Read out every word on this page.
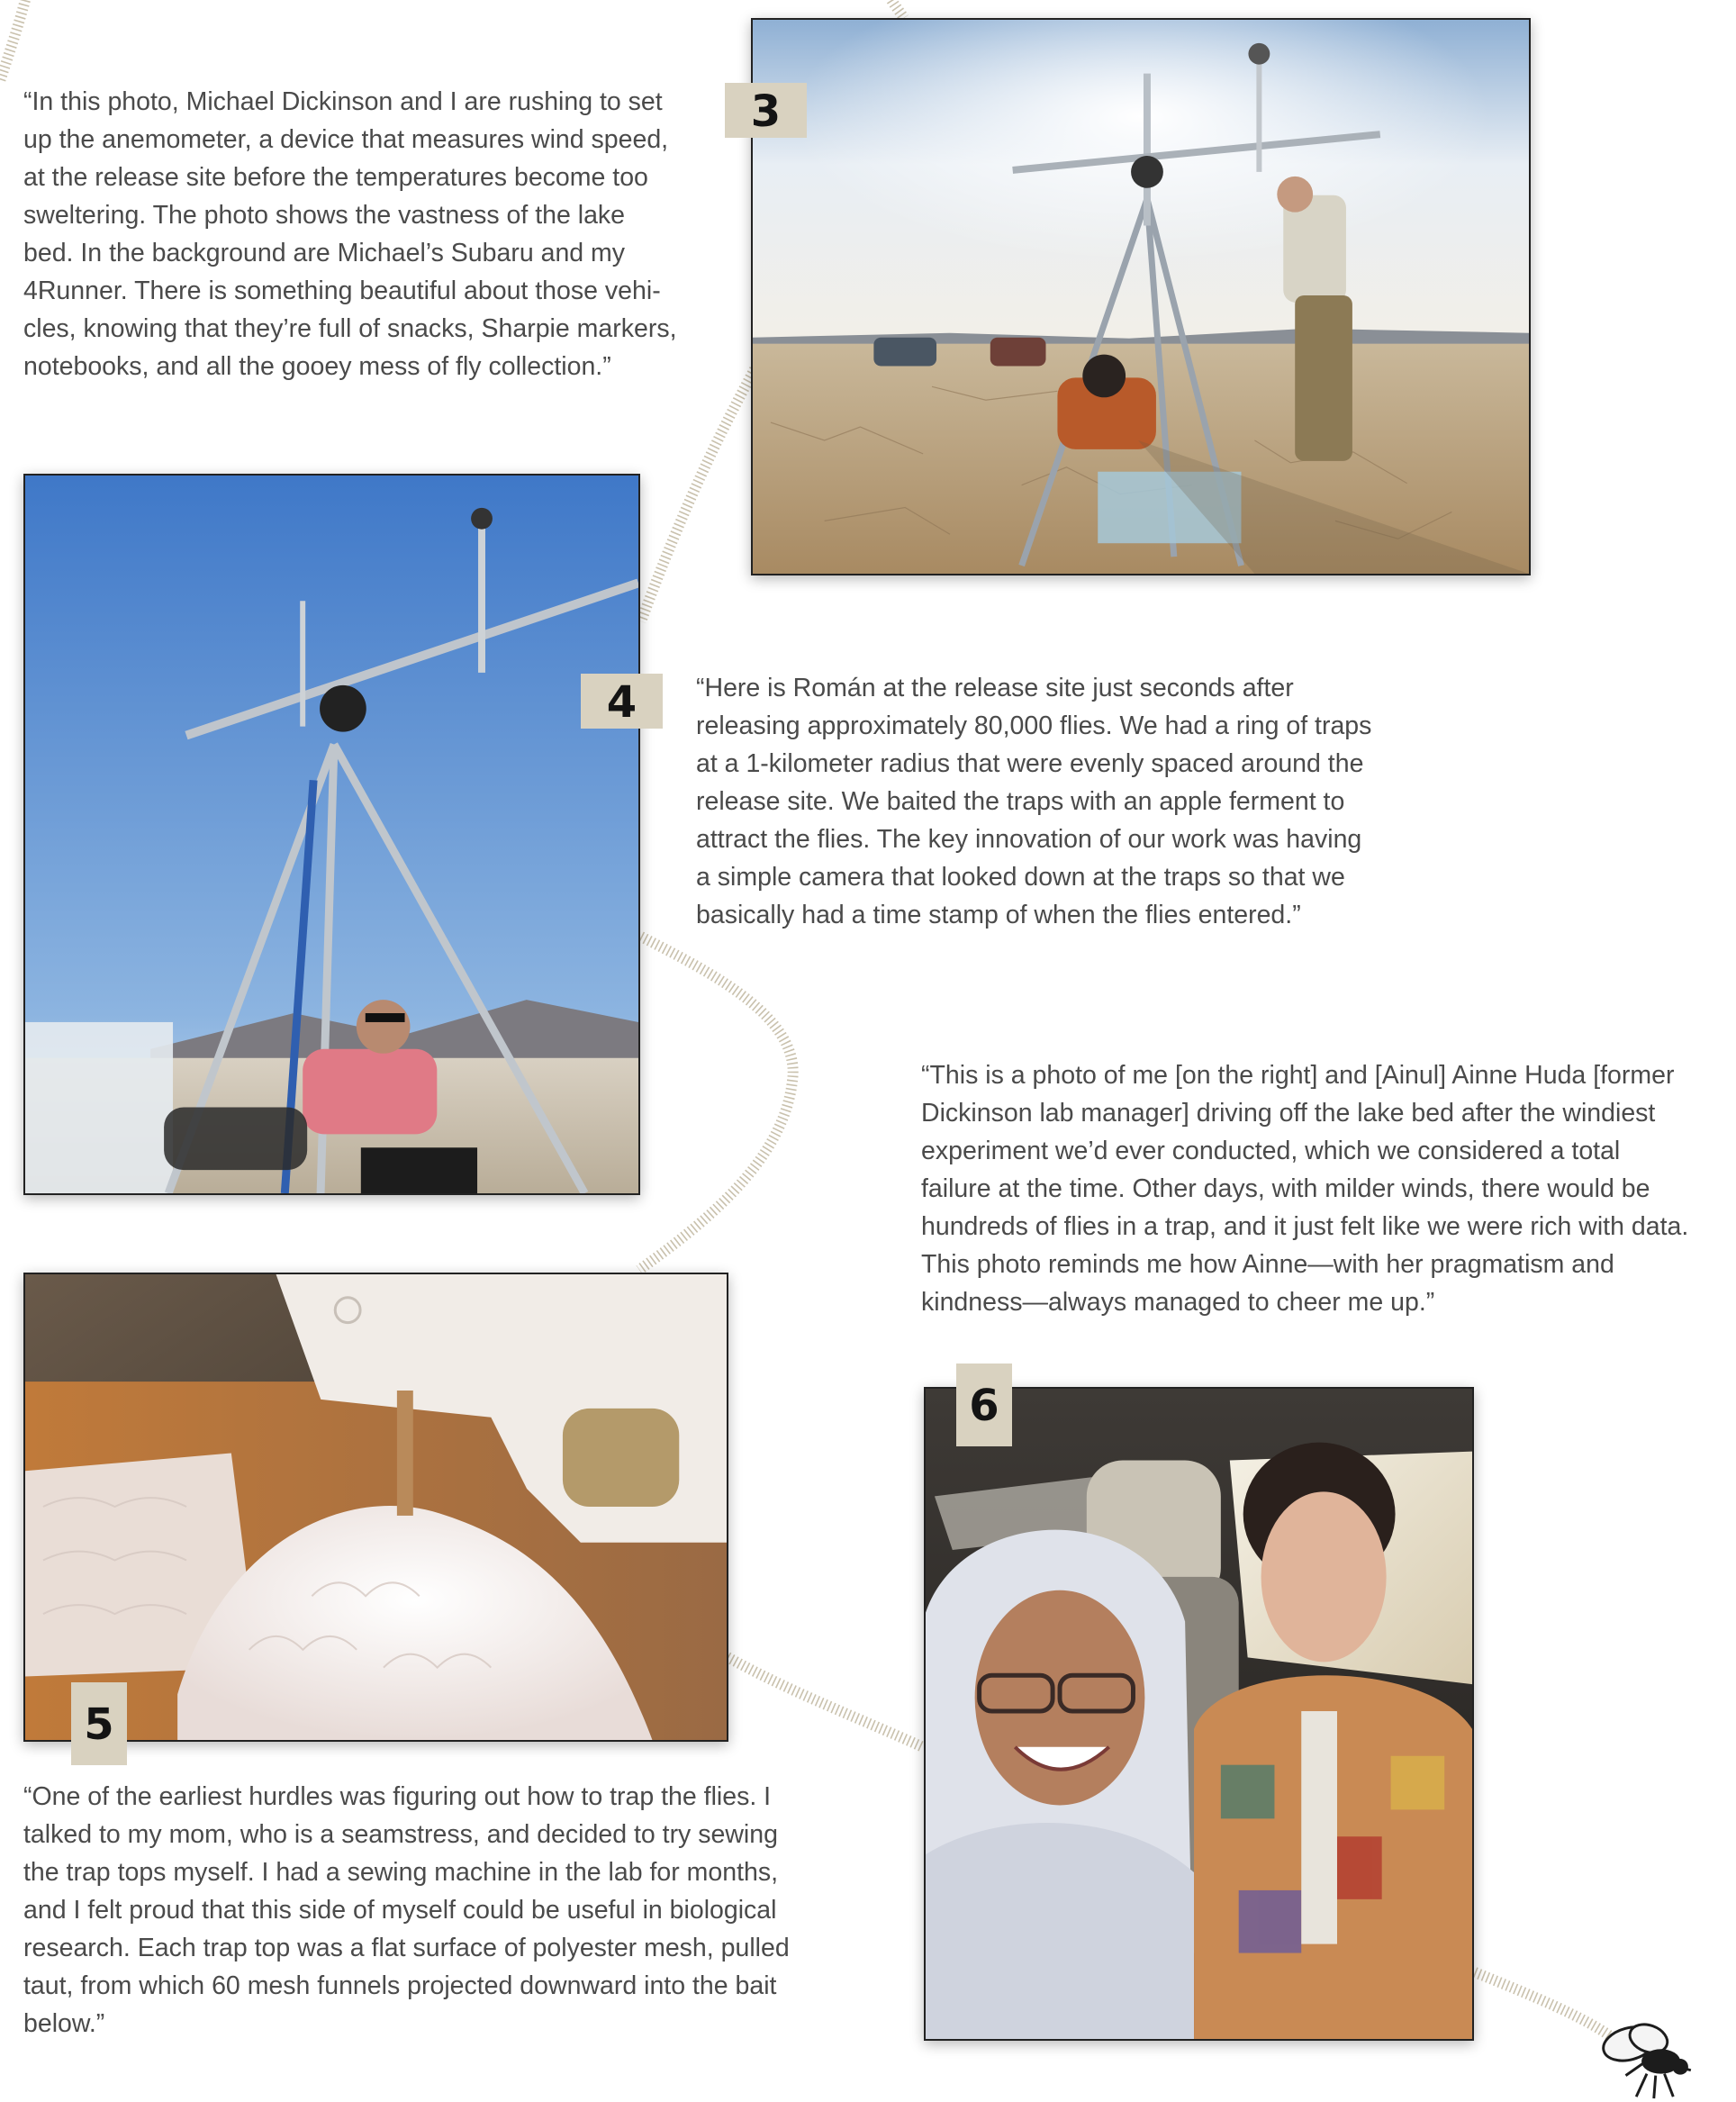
“In this photo, Michael Dickinson and I are rushing to set up the anemometer, a device that measures wind speed, at the release site before the temperatures become too sweltering. The photo shows the vastness of the lake bed. In the background are Michael’s Subaru and my 4Runner. There is something beautiful about those vehicles, knowing that they’re full of snacks, Sharpie markers, notebooks, and all the gooey mess of fly collection.”

3
4	“Here is Román at the release site just seconds after releasing approximately 80,000 flies. We had a ring of traps at a 1-kilometer radius that were evenly spaced around the release site. We baited the traps with an apple ferment to attract the flies. The key innovation of our work was having a simple camera that looked down at the traps so that we basically had a time stamp of when the flies entered.”

“This is a photo of me [on the right] and [Ainul] Ainne Huda [former Dickinson lab manager] driving off the lake bed after the windiest experiment we’d ever conducted, which we considered a total failure at the time. Other days, with milder winds, there would be hundreds of flies in a trap, and it just felt like we were rich with data. This photo reminds me how Ainne—with her pragmatism and kindness—always managed to cheer me up.”

5

“One of the earliest hurdles was figuring out how to trap the flies. I talked to my mom, who is a seamstress, and decided to try sewing the trap tops myself. I had a sewing machine in the lab for months, and I felt proud that this side of myself could be useful in biological research. Each trap top was a flat surface of polyester mesh, pulled taut, from which 60 mesh funnels projected downward into the bait below.”

6
